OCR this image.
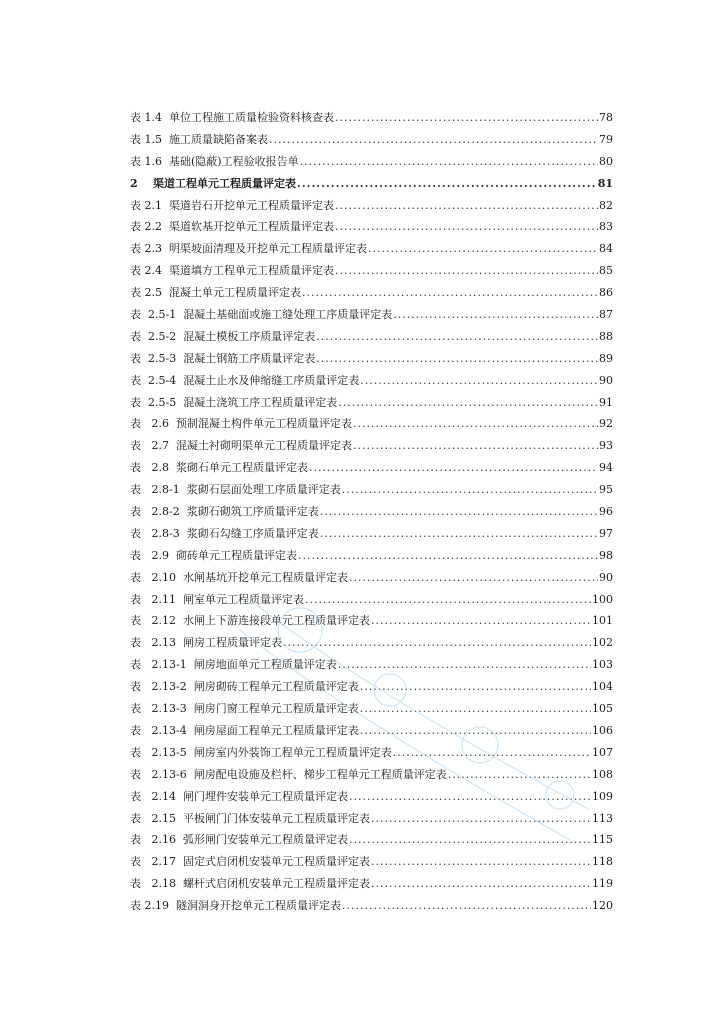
表 1.4  单位工程施工质量检验资料核查表 .....	78
表 1.5  施工质量缺陷备案表 .....	79
表 1.6  基础(隐蔽)工程验收报告单 .....	80
2    渠道工程单元工程质量评定表 .....	81
表 2.1  渠道岩石开挖单元工程质量评定表 .....	82
表 2.2  渠道软基开挖单元工程质量评定表 .....	83
表 2.3  明渠坡面清理及开挖单元工程质量评定表 .....	84
表 2.4  渠道填方工程单元工程质量评定表 .....	85
表 2.5  混凝土单元工程质量评定表 .....	86
表  2.5-1  混凝土基础面或施工缝处理工序质量评定表 .....	87
表  2.5-2  混凝土模板工序质量评定表 .....	88
表  2.5-3  混凝土钢筋工序质量评定表 .....	89
表  2.5-4  混凝土止水及伸缩缝工序质量评定表 .....	90
表  2.5-5  混凝土浇筑工序工程质量评定表 .....	91
表   2.6  预制混凝土构件单元工程质量评定表 .....	92
表   2.7  混凝土衬砌明渠单元工程质量评定表 .....	93
表   2.8  浆砌石单元工程质量评定表 .....	94
表   2.8-1  浆砌石层面处理工序质量评定表 .....	95
表   2.8-2  浆砌石砌筑工序质量评定表 .....	96
表   2.8-3  浆砌石勾缝工序质量评定表 .....	97
表   2.9  砌砖单元工程质量评定表 .....	98
表   2.10  水闸基坑开挖单元工程质量评定表 .....	90
表   2.11  闸室单元工程质量评定表 .....	100
表   2.12  水闸上下游连接段单元工程质量评定表 .....	101
表   2.13  闸房工程质量评定表 .....	102
表   2.13-1  闸房地面单元工程质量评定表 .....	103
表   2.13-2  闸房砌砖工程单元工程质量评定表 .....	104
表   2.13-3  闸房门窗工程单元工程质量评定表 .....	105
表   2.13-4  闸房屋面工程单元工程质量评定表 .....	106
表   2.13-5  闸房室内外装饰工程单元工程质量评定表 .....	107
表   2.13-6  闸房配电设施及栏杆、梯步工程单元工程质量评定表 .....	108
表   2.14  闸门埋件安装单元工程质量评定表 .....	109
表   2.15  平板闸门门体安装单元工程质量评定表 .....	113
表   2.16  弧形闸门安装单元工程质量评定表 .....	115
表   2.17  固定式启闭机安装单元工程质量评定表 .....	118
表   2.18  螺杆式启闭机安装单元工程质量评定表 .....	119
表 2.19  隧洞洞身开挖单元工程质量评定表 .....	120
